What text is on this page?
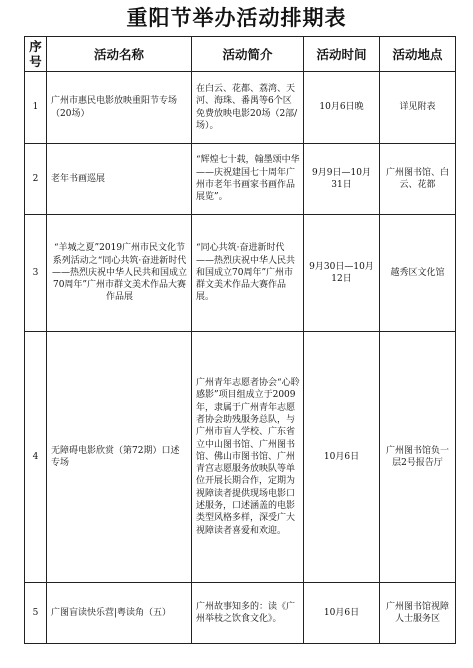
重阳节举办活动排期表
序号	活动名称	活动简介	活动时间	活动地点
1	广州市惠民电影放映重阳节专场（20场）	在白云、花都、荔湾、天河、海珠、番禺等6个区免费放映电影20场（2部/场）。	10月6日晚	详见附表
2	老年书画巡展	“辉煌七十载，翰墨颂中华——庆祝建国七十周年广州市老年书画家书画作品展览”。	9月9日—10月31日	广州图书馆、白云、花都
3	“羊城之夏”2019广州市民文化节系列活动之“同心共筑·奋进新时代——热烈庆祝中华人民共和国成立70周年”广州市群文美术作品大赛作品展	“同心共筑·奋进新时代——热烈庆祝中华人民共和国成立70周年”广州市群文美术作品大赛作品展。	9月30日—10月12日	越秀区文化馆
4	无障碍电影欣赏（第72期）口述专场	广州青年志愿者协会“心聆感影”项目组成立于2009年，隶属于广州青年志愿者协会助残服务总队，与广州市盲人学校、广东省立中山图书馆、广州图书馆、佛山市图书馆、广州青宫志愿服务放映队等单位开展长期合作，定期为视障读者提供现场电影口述服务，口述涵盖的电影类型风格多样，深受广大视障读者喜爱和欢迎。	10月6日	广州图书馆负一层2号报告厅
5	广图盲读快乐营|粤读角（五）	广州故事知多的：读《广州举枝之饮食文化》。	10月6日	广州图书馆视障人士服务区
